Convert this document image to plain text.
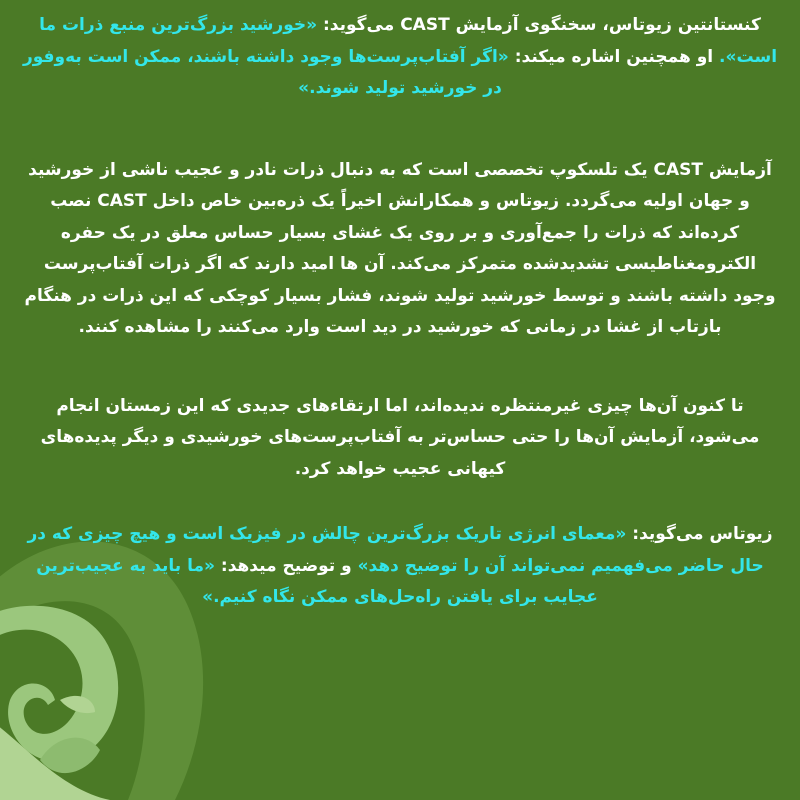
کنستانتین زیوتاس، سخنگوی آزمایش CAST می‌گوید: «خورشید بزرگ‌ترین منبع ذرات ما است». او همچنین اشاره میکند: «اگر آفتاب‌پرست‌ها وجود داشته باشند، ممکن است به‌وفور در خورشید تولید شوند.»

آزمایش CAST یک تلسکوپ تخصصی است که به دنبال ذرات نادر و عجیب ناشی از خورشید و جهان اولیه می‌گردد. زیوتاس و همکارانش اخیراً یک ذره‌بین خاص داخل CAST نصب کرده‌اند که ذرات را جمع‌آوری و بر روی یک غشای بسیار حساس معلق در یک حفره الکترومغناطیسی تشدیدشده متمرکز می‌کند. آن ها امید دارند که اگر ذرات آفتاب‌پرست وجود داشته باشند و توسط خورشید تولید شوند، فشار بسیار کوچکی که این ذرات در هنگام بازتاب از غشا در زمانی که خورشید در دید است وارد می‌کنند را مشاهده کنند.

تا کنون آن‌ها چیزی غیرمنتظره ندیده‌اند، اما ارتقاء‌های جدیدی که این زمستان انجام می‌شود، آزمایش آن‌ها را حتی حساس‌تر به آفتاب‌پرست‌های خورشیدی و دیگر پدیده‌های کیهانی عجیب خواهد کرد.

زیوتاس می‌گوید: «معمای انرژی تاریک بزرگ‌ترین چالش در فیزیک است و هیچ چیزی که در حال حاضر می‌فهمیم نمی‌تواند آن را توضیح دهد» و توضیح میدهد: «ما باید به عجیب‌ترین عجایب برای یافتن راه‌حل‌های ممکن نگاه کنیم.»
